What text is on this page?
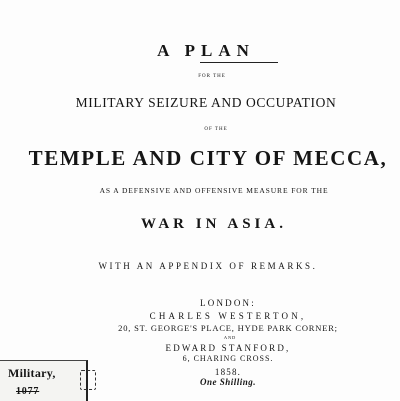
A PLAN
FOR THE
MILITARY SEIZURE AND OCCUPATION
OF THE
TEMPLE AND CITY OF MECCA,
AS A DEFENSIVE AND OFFENSIVE MEASURE FOR THE
WAR IN ASIA.
WITH AN APPENDIX OF REMARKS.
LONDON:
CHARLES WESTERTON,
20, ST. GEORGE'S PLACE, HYDE PARK CORNER;
AND
EDWARD STANFORD,
6, CHARING CROSS.
1858.
One Shilling.
Military,
1077
